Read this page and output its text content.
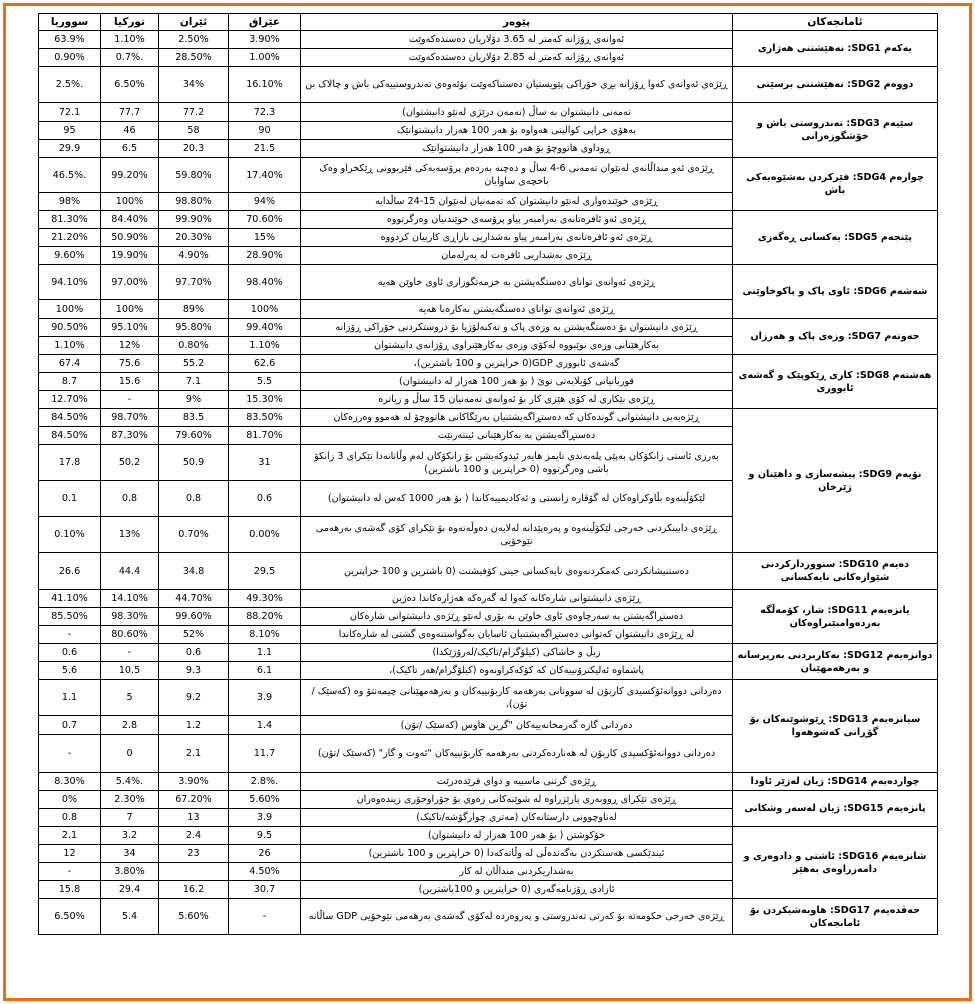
سووریا	تورکیا	ئێران	عێراق	پێوەر	ئامانجەکان
63.9%	1.10%	2.50%	3.90%	ئەوانەی ڕۆژانە کەمتر لە 3.65 دۆلاریان دەستدەکەوێت	یەکەم SDG1: نەهێشتنی هەژاری
0.90%	0.7%.	28.50%	1.00%	ئەوانەی ڕۆژانە کەمتر لە 2.85 دۆلاریان دەستدەکەوێت	
2.5%.	6.50%	34%	16.10%	ڕێژەی ئەوانەی کەوا ڕۆژانە بڕی خۆراکی پێویستیان دەستناکەوێت بۆئەوەی تەندروستییەکی باش و چالاک بن	دووەم SDG2: نەهێشتنی برسێتی
72.1	77.7	77.2	72.3	تەمەنی دانیشتوان بە ساڵ (تەمەن درێژی لەنێو دانیشتوان)	سێیەم SDG3: تەندروستی باش و خۆشگوزەرانی
95	46	58	90	بەهۆی خراپی کوالیتی هەواوە بۆ هەر 100 هەزار دانیشتوانێک	
29.9	6.5	20.3	21.5	ڕوداوی هاتووچۆ بۆ هەر 100 هەزار دانیشتوانێک	
46.5%.	99.20%	59.80%	17.40%	ڕێژەی ئەو منداڵانەی لەنێوان تەمەنی 6-4 ساڵ و دەچنە بەردەم پرۆسەیەکی فێربوونی ڕێکخراو وەک باخچەی ساوایان	چوارەم SDG4: فێرکردن بەشێوەیەکی باش
98%	100%	98.80%	94%	ڕێژەی خوێندەواری لەنێو دانیشتوان کە تەمەنیان لەنێوان 15-24 ساڵدایە	
81.30%	84.40%	99.90%	70.60%	ڕێژەی ئەو ئافرەتانەی بەرامبەر پیاو پرۆسەی خوێندنیان وەرگرتووە	پێنجەم SDG5: یەکسانی ڕەگەزی
21.20%	50.90%	20.30%	15%	ڕێژەی ئەو ئافرەتانەی بەرامبەر پیاو بەشداریی بازاڕی کارییان کردووە	
9.60%	19.90%	4.90%	28.90%	ڕێژەی بەشداریی ئافرەت لە پەرلەمان	
94.10%	97.00%	97.70%	98.40%	ڕێژەی ئەوانەی توانای دەستگەیشتن بە خزمەتگوزاری ئاوی خاوێن هەیە	شەشەم SDG6: ئاوی پاک و پاکوخاوێنی
100%	100%	89%	100%	ڕێژەی ئەوانەی توانای دەستگەیشتن بەکارەبا هەیە	
90.50%	95.10%	95.80%	99.40%	ڕێژەی دانیشتوان بۆ دەستگەیشتن بە وزەی پاک و تەکنەلۆژیا بۆ دروستکردنی خۆراکی ڕۆژانە	حەوتەم SDG7: وزەی پاک و هەرزان
1.10%	12%	0.80%	1.10%	بەکارهێنانی وزەی نوێبووە لەکۆی وزەی بەکارهێنراوی ڕۆژانەی دانیشتوان	
67.4	75.6	55.2	62.6	گەشەی ئابووری GDP(0 خراپترین و 100 باشترین)،	هەشتەم SDG8: کاری ڕێکوپێک و گەشەی ئابووری
8.7	15.6	7.1	5.5	قوربانیانی کۆیلایەتی نوێ ( بۆ هەر 100 هەزار لە دانیشتوان)	
12.70%	-	9%	15.30%	ڕێژەی بێکاری لە کۆی هێزی کار بۆ ئەوانەی تەمەنیان 15 ساڵ و زیاترە	
84.50%	98.70%	83.5	83.50%	ڕێژەیەیی دانیشتوانی گوندەکان کە دەستڕاگەیشتنیان بەرێگاکانی هاتووچۆ لە هەموو وەرزەکان	نۆیەم SDG9: پیشەسازی و داهێنان و ژێرخان
84.50%	87.30%	79.60%	81.70%	دەستڕاگەیشتن بە بەکارهێنانی ئینتەرنێت	
17.8	50.2	50.9	31	بەرزی ئاستی زانکۆکان بەپێی پلەبەندی تایمز هایەر ئیدوکەیشن بۆ زانکۆکان لەم وڵاتانەدا تێکرای 3 زانکۆ باشی وەرگرتووە (0 خراپترین و 100 باشترین)	
0.1	0.8	0.8	0.6	لێکۆڵینەوە بڵاوکراوەکان لە گۆڤارە زانستی و ئەکادیمییەکاندا ( بۆ هەر 1000 کەس لە دانیشتوان)	
0.10%	13%	0.70%	0.00%	ڕێژەی دابینکردنی خەرجی لێکۆڵینەوە و پەرەپێدانە لەلایەن دەوڵەتەوە بۆ تێکرای کۆی گەشەی بەرهەمی نێوخۆیی	
26.6	44.4	34.8	29.5	دەستنیشانکردنی کەمکردنەوەی نایەکسانی جینی کۆفیشنت (0 باشترین و 100 خراپترین	دەیەم SDG10: سنووردارکردنی شێوازەکانی نایەکسانی
41.10%	14.10%	44.70%	49.30%	ڕێژەی دانیشتوانی شارەکانە کەوا لە گەرەکە هەژارەکاندا دەژین	یانزەیەم SDG11: شار، کۆمەڵگە بەردەوامبێنراوەکان
85.50%	98.30%	99.60%	88.20%	دەستڕاگەیشتن بە سەرچاوەی ئاوی خاوێن بە بۆری لەنێو ڕێژەی دانیشتوانی شارەکان	
-	80.60%	52%	8.10%	لە ڕێژەی دانیشتوان کەتوانی دەستڕاگەیشتنیان ئاسایان بەگواستنەوەی گشتی لە شارەکاندا	
0.6	-	0.6	1.1	زبڵ و خاشاکی (کیلۆگرام/تاکیک/لەرۆژێکدا)	دوانزەیەم SDG12: بەکاربردنی بەرپرسانە و بەرهەمهێنان
5.6	10.5	9.3	6.1	پاشماوە ئەلیکترۆنییەکان کە کۆکەکراونەوە (کیلۆگرام/هەر تاکیک)،	
1.1	5	9.2	3.9	دەردانی دووانەئۆکسیدی کاربۆن لە سووتانی بەرهەمە کاربۆنییەکان و بەرهەمهێنانی چیمەنتۆ وە (کەسێک /تۆن)،	سیانزەیەم SDG13: ڕێوشوێنەکان بۆ گۆڕانی کەشوهەوا
0.7	2.8	1.2	1.4	دەردانی گازە گەرمخانەییەکان "گرین هاوس (کەسێک /تۆن)	
-	0	2.1	11.7	دەردانی دووانەئۆکسیدی کاربۆن لە هەناردەکردنی بەرهەمە کاربۆنییەکان "ئەوت و گاز" (کەسێک /تۆن)	
8.30%	5.4%.	3.90%	2.8%.	ڕێژەی گرتنی ماسییە و دواى فرێدەدرێت	چواردەیەم SDG14: ژیان لەژێر ئاودا
0%	2.30%	67.20%	5.60%	ڕێژەی تێکرای ڕووبەری پارێزراوە لە شوێنەکانی زەوی بۆ جۆراوجۆری زیندەوەران	پانزەیەم SDG15: ژیان لەسەر وشکانی
0.8	7	13	3.9	لەناوچوونی دارستانەکان (مەتری چوارگۆشە/تاکیک)	
2.1	3.2	2.4	9.5	خۆکوشتن ( بۆ هەر 100 هەزار لە دانیشتوان)	شانزەیەم SDG16: ئاشتی و دادوەری و دامەزراوەی بەهێز
12	34	23	26	ئیندێکسی هەستکردن بەگەندەڵی لە وڵاتەکەدا (0 خراپترین و 100 باشترین)	
-	3.80%		4.50%	بەشداریکردنی منداڵان لە کار	
15.8	29.4	16.2	30.7	ئازادی ڕۆژنامەگەری (0 خراپترین و 100باشترین)	
6.50%	5.4	5.60%	-	ڕێژەی خەرجی حکومەتە بۆ کەرتی تەندروستی و پەروەردە لەکۆی گەشەی بەرهەمی نێوخۆیی GDP ساڵانە	حەڤدەیەم SDG17: هاوبەشیکردن بۆ ئامانجەکان
